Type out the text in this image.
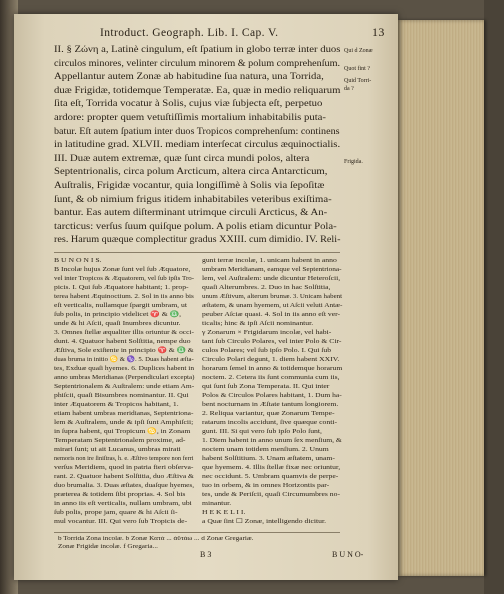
Introduct. Geograph. Lib. I. Cap. V.	13
II. § Zώνη a, Latinè cingulum, eſt ſpatium in globo terræ inter duos
circulos minores, velinter circulum minorem & polum comprehenſum.
Appellantur autem Zonæ ab habitudine ſua natura, una Torrida,
duæ Frigidæ, totidemque Temperatæ. Ea, quæ in medio reliquarum
ſita eſt, Torrida vocatur à Solis, cujus viæ ſubjecta eſt, perpetuo
ardore: propter quem vetuſtiſſimis mortalium inhabitabilis puta-
batur. Eſt autem ſpatium inter duos Tropicos comprehenſum: continens
in latitudine grad. XLVII. mediam interſecat circulus æquinoctialis.
III. Duæ autem extremæ, quæ ſunt circa mundi polos, altera
Septentrionalis, circa polum Arcticum, altera circa Antarcticum,
Auſtralis, Frigidæ vocantur, quia longiſſimè à Solis via ſepoſitæ
ſunt, & ob nimium frigus itidem inhabitabiles veteribus exiſtima-
bantur. Eas autem diſterminant utrimque circuli Arcticus, & An-
tarcticus: verſus ſuum quiſque polum. A polis etiam dicuntur Pola-
res. Harum quæque complectitur gradus XXIII. cum dimidio. IV. Reli-
Qui d Zonæ
Quot fint ?
Quid Torri-
da ?
Frigida.
B U N O N I S.
B Incolæ hujus Zonæ ſunt vel ſub Æquatore,
vel inter Tropicos & Æquatorem, vel ſub ipſis Tro-
picis. I. Qui ſub Æquatore habitant; 1. prop-
terea habent Æquinoctium. 2. Sol in iis anno bis
eſt verticalis, nullamque ſpargit umbram, ut
ſub polis, in principio videlicet ♈ & ♎,
unde & hi Aſcii, quaſi Inumbres dicuntur.
3. Omnes ſtellæ æqualiter illis oriuntur & occi-
dunt. 4. Quatuor habent Solſtitia, nempe duo
Æſtiva, Sole exiſtente in principio ♈ & ♎ &
duas bruma in initio ♋ & ♑. 5. Duas habent æſta-
tes, Exduæ quaſi hyemes. 6. Duplices habent in
anno umbras Meridianas (Perpendiculari excepta)
Septentrionalem & Auſtralem: unde etiam Am-
phiſcii, quaſi Bisumbres nominantur. II. Qui
inter Æquatorem & Tropicos habitant, 1.
etiam habent umbras meridianas, Septentriona-
lem & Auſtralem, unde & ipſi ſunt Amphiſcii;
in ſupra habent, qui Tropicum ♋, in Zonam
Temperatam Septentrionalem proxime, ad-
mirari ſunt; ut ait Lucanus, umbras mirati
nemoris non ire ſiniſtras, h. e. Æſtivo tempore non ferri
verſus Meridiem, quod in patria fieri obſerva-
rant. 2. Quatuor habent Solſtitia, duo Æſtiva &
duo brumalia. 3. Duas æſtates, duaſque hyemes,
præterea & totidem ſibi proprias. 4. Sol bis
in anno iis eſt verticalis, nullam umbram, ubi
ſub polis, prope jam, quare & hi Aſcii ſi-
mul vocantur. III. Qui vero ſub Tropicis de-
gunt terræ incolæ, 1. unicam habent in anno
umbram Meridianam, eamque vel Septentriona-
lem, vel Auſtralem: unde dicuntur Heteroſcii,
quaſi Alterumbres. 2. Duo in hac Solſtitia,
unum Æſtivum, alterum brumæ. 3. Unicam habent
æſtatem, & unam hyemem, ut Aſcii veluti Antæ-
peuber Aſciæ quasi. 4. Sol in iis anno eſt ver-
ticalis; hinc & ipſi Aſcii nominantur.
γ Zonarum × Frigidarum incolæ, vel habi-
tant ſub Circulo Polares, vel inter Polo & Cir-
culos Polares; vel ſub ipſo Polo. I. Qui ſub
Circulo Polari degunt, 1. diem habent XXIV.
horarum ſemel in anno & totidemque horarum
noctem. 2. Cetera iis ſunt communia cum iis,
qui ſunt ſub Zona Temperata. II. Qui inter
Polos & Circulos Polares habitant, 1. Dum ha-
bent nocturnam in Æſtate tantum longiorem.
2. Reliqua variantur, quæ Zonarum Tempe-
ratarum incolis accidunt, ſive quæque conti-
gunt. III. Si qui vero ſub ipſo Polo ſunt,
1. Diem habent in anno unum ſex menſium, &
noctem unam totidem menſium. 2. Unum
habent Solſtitium. 3. Unam æſtatem, unam-
que hyemem. 4. Illis ſtellæ fixæ nec oriuntur,
nec occidunt. 5. Umbram quamvis de perpe-
tuo in orbem, & in omnes Horizontis par-
tes, unde & Periſcii, quaſi Circumumbres no-
minantur.
H E K E L I I.
a Quæ ſint ☐ Zonæ, intelligendo dicitur.
b Torrida Zona incolæ. b Zonæ Κατὰ ... ἀΰτάω ... d Zonæ Gregariæ.
Zonæ Frigidæ incolæ. f Gregaria...
B 3	B U N O-
